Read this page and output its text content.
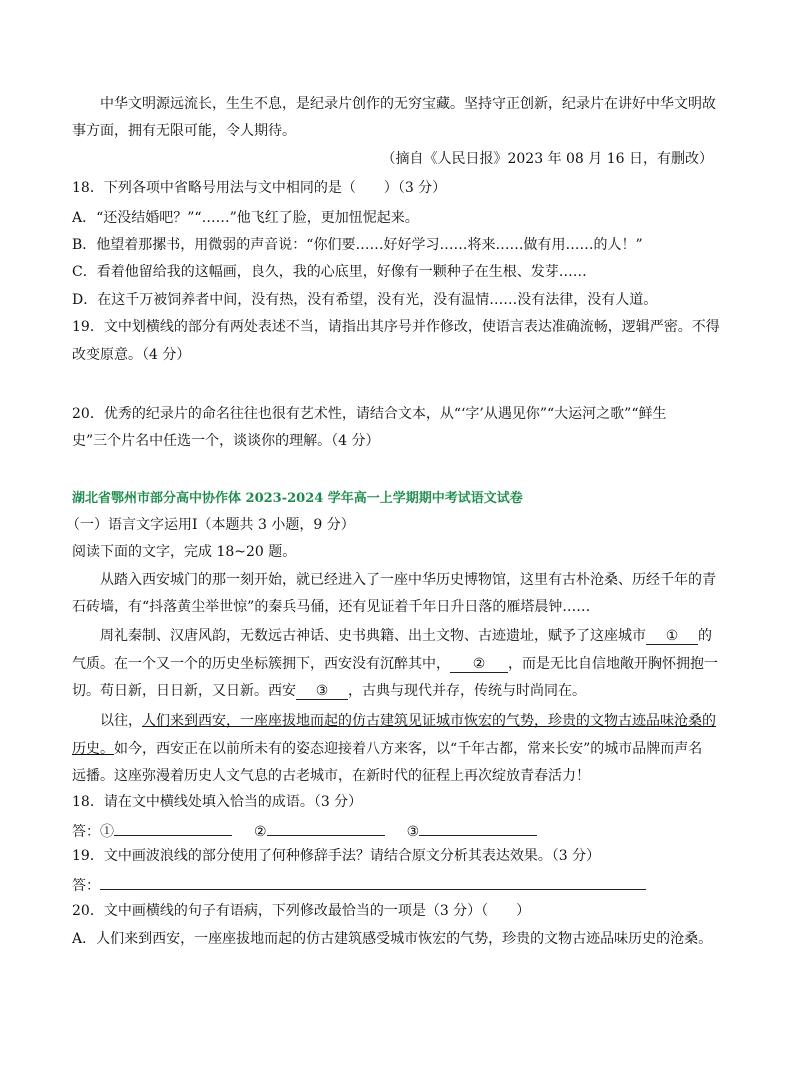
中华文明源远流长，生生不息，是纪录片创作的无穷宝藏。坚持守正创新，纪录片在讲好中华文明故
事方面，拥有无限可能，令人期待。
（摘自《人民日报》2023 年 08 月 16 日，有删改）
18．下列各项中省略号用法与文中相同的是（　　）（3 分）
A．“还没结婚吧？”“……”他飞红了脸，更加忸怩起来。
B．他望着那摞书，用微弱的声音说：“你们要……好好学习……将来……做有用……的人！”
C．看着他留给我的这幅画，良久，我的心底里，好像有一颗种子在生根、发芽……
D．在这千万被饲养者中间，没有热，没有希望，没有光，没有温情……没有法律，没有人道。
19．文中划横线的部分有两处表述不当，请指出其序号并作修改，使语言表达准确流畅，逻辑严密。不得
改变原意。（4 分）
20．优秀的纪录片的命名往往也很有艺术性，请结合文本，从“‘字’从遇见你”“大运河之歌”“鲜生
史”三个片名中任选一个，谈谈你的理解。（4 分）
湖北省鄂州市部分高中协作体 2023-2024 学年高一上学期期中考试语文试卷
（一）语言文字运用Ⅰ（本题共 3 小题，9 分）
阅读下面的文字，完成 18~20 题。
从踏入西安城门的那一刻开始，就已经进入了一座中华历史博物馆，这里有古朴沧桑、历经千年的青
石砖墙，有“抖落黄尘举世惊”的秦兵马俑，还有见证着千年日升日落的雁塔晨钟……
周礼秦制、汉唐风韵，无数远古神话、史书典籍、出土文物、古迹遗址，赋予了这座城市 ① 的
气质。在一个又一个的历史坐标簇拥下，西安没有沉醉其中， ② ，而是无比自信地敞开胸怀拥抱一
切。苟日新，日日新，又日新。西安 ③ ，古典与现代并存，传统与时尚同在。
以往，人们来到西安，一座座拔地而起的仿古建筑见证城市恢宏的气势，珍贵的文物古迹品味沧桑的
历史。如今，西安正在以前所未有的姿态迎接着八方来客，以“千年古都，常来长安”的城市品牌而声名
远播。这座弥漫着历史人文气息的古老城市，在新时代的征程上再次绽放青春活力！
18．请在文中横线处填入恰当的成语。（3 分）
答：①	②	③
19．文中画波浪线的部分使用了何种修辞手法？请结合原文分析其表达效果。（3 分）
答：
20．文中画横线的句子有语病，下列修改最恰当的一项是（3 分）（　　）
A．人们来到西安，一座座拔地而起的仿古建筑感受城市恢宏的气势，珍贵的文物古迹品味历史的沧桑。
